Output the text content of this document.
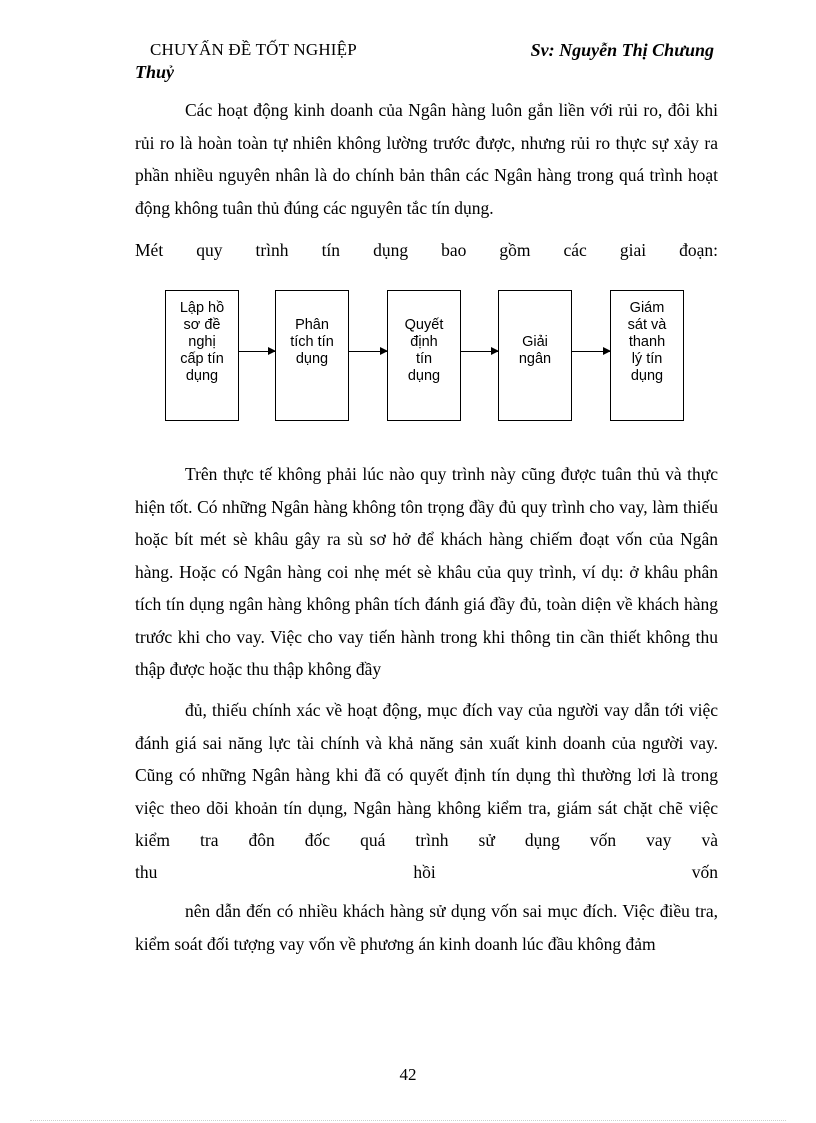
CHUYẤN ĐỀ TỐT NGHIỆP	Sv: Nguyễn Thị Chưung
Thuỷ

Các hoạt động kinh doanh của Ngân hàng luôn gắn liền với rủi ro, đôi khi rủi ro là hoàn toàn tự nhiên không lường trước được, nhưng rủi ro thực sự xảy ra phần nhiều nguyên nhân là do chính bản thân các Ngân hàng trong quá trình hoạt động không tuân thủ đúng các nguyên tắc tín dụng.

Mét quy trình tín dụng bao gồm các giai đoạn:
Lập hồ
sơ đề
nghị
cấp tín
dụng
Phân
tích tín
dụng
Quyết
định
tín
dụng
Giải
ngân
Giám
sát và
thanh
lý tín
dụng

Trên thực tế không phải lúc nào quy trình này cũng được tuân thủ và thực hiện tốt. Có những Ngân hàng không tôn trọng đầy đủ quy trình cho vay, làm thiếu hoặc bít mét sè khâu gây ra sù sơ hở để khách hàng chiếm đoạt vốn của Ngân hàng. Hoặc có Ngân hàng coi nhẹ mét sè khâu của quy trình, ví dụ: ở khâu phân tích tín dụng ngân hàng không phân tích đánh giá đầy đủ, toàn diện về khách hàng trước khi cho vay. Việc cho vay tiến hành trong khi thông tin cần thiết không thu thập được hoặc thu thập không đầy

đủ, thiếu chính xác về hoạt động, mục đích vay của người vay dẫn tới việc đánh giá sai năng lực tài chính và khả năng sản xuất kinh doanh của người vay. Cũng có những Ngân hàng khi đã có quyết định tín dụng thì thường lơi là trong việc theo dõi khoản tín dụng, Ngân hàng không kiểm tra, giám sát chặt chẽ việc kiểm tra đôn đốc quá trình sử dụng vốn vay và

thu	hồi	vốn

nên dẫn đến có nhiều khách hàng sử dụng vốn sai mục đích. Việc điều tra, kiểm soát đối tượng vay vốn về phương án kinh doanh lúc đầu không đảm

42
